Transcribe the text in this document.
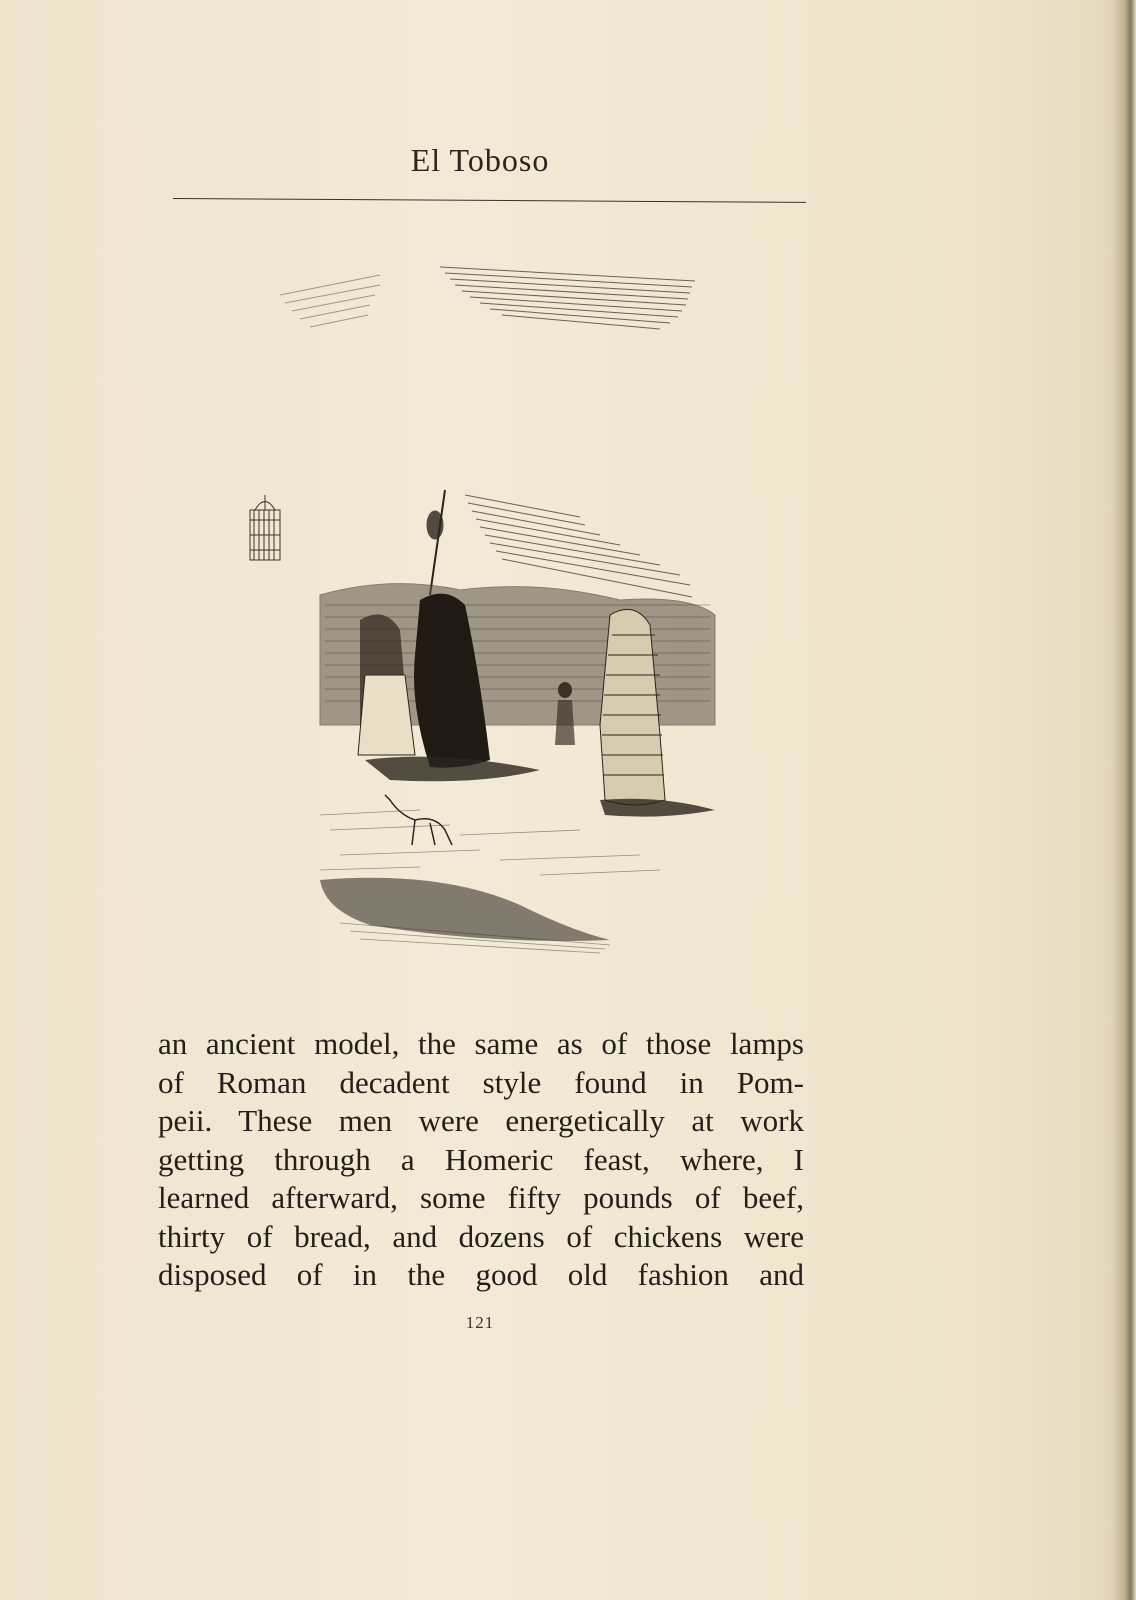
El Toboso
an ancient model, the same as of those lamps
of Roman decadent style found in Pom-
peii. These men were energetically at work
getting through a Homeric feast, where, I
learned afterward, some fifty pounds of beef,
thirty of bread, and dozens of chickens were
disposed of in the good old fashion and
121
